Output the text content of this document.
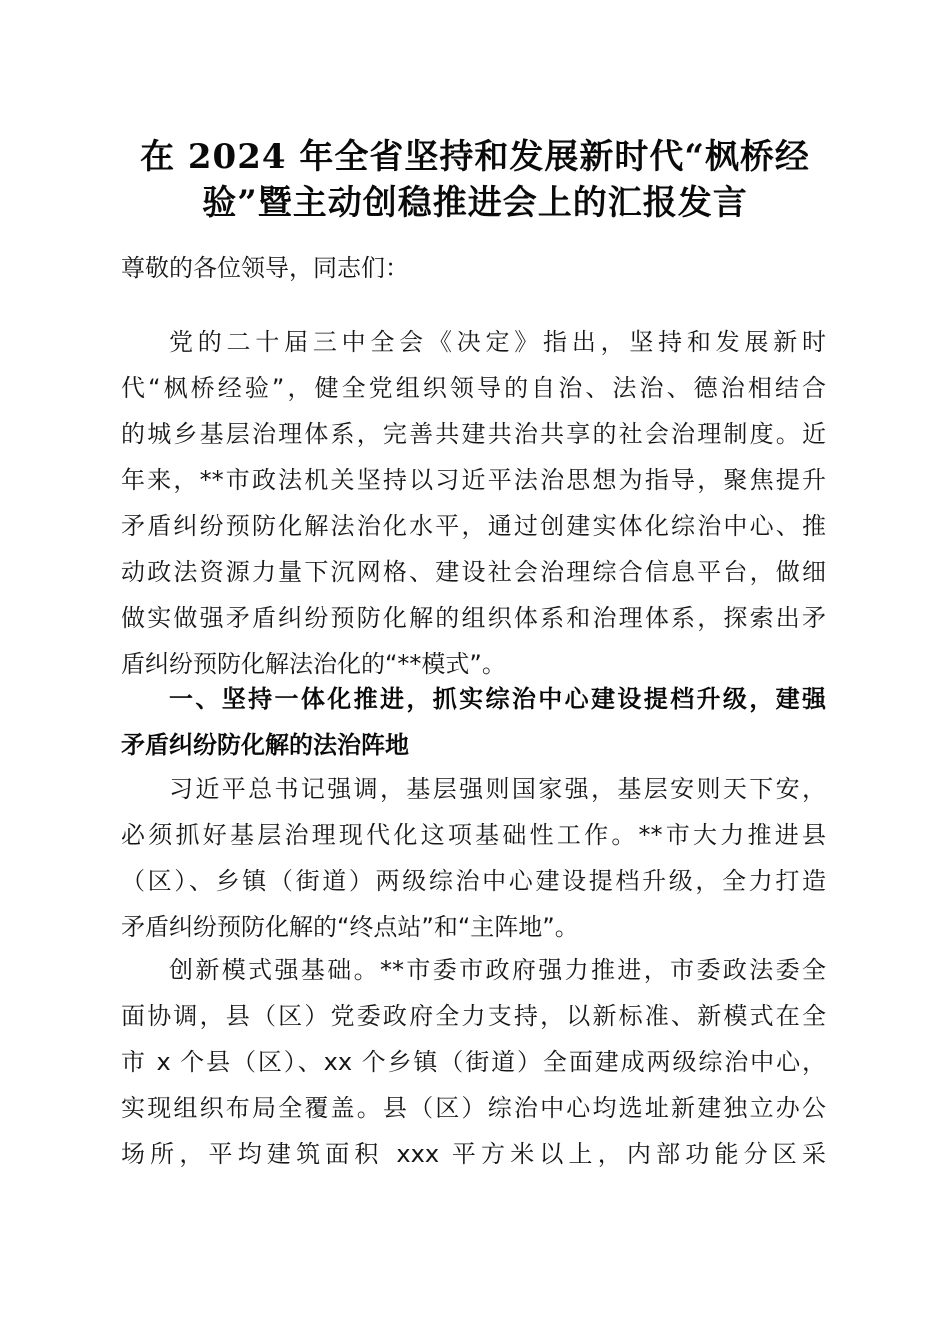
在 2024 年全省坚持和发展新时代“枫桥经
验”暨主动创稳推进会上的汇报发言
尊敬的各位领导，同志们：
党的二十届三中全会《决定》指出，坚持和发展新时
代“枫桥经验”，健全党组织领导的自治、法治、德治相结合
的城乡基层治理体系，完善共建共治共享的社会治理制度。近
年来，**市政法机关坚持以习近平法治思想为指导，聚焦提升
矛盾纠纷预防化解法治化水平，通过创建实体化综治中心、推
动政法资源力量下沉网格、建设社会治理综合信息平台，做细
做实做强矛盾纠纷预防化解的组织体系和治理体系，探索出矛
盾纠纷预防化解法治化的“**模式”。
一、坚持一体化推进，抓实综治中心建设提档升级，建强
矛盾纠纷防化解的法治阵地
习近平总书记强调，基层强则国家强，基层安则天下安，
必须抓好基层治理现代化这项基础性工作。**市大力推进县
（区）、乡镇（街道）两级综治中心建设提档升级，全力打造
矛盾纠纷预防化解的“终点站”和“主阵地”。
创新模式强基础。**市委市政府强力推进，市委政法委全
面协调，县（区）党委政府全力支持，以新标准、新模式在全
市 x 个县（区）、xx 个乡镇（街道）全面建成两级综治中心，
实现组织布局全覆盖。县（区）综治中心均选址新建独立办公
场所，平均建筑面积 xxx 平方米以上，内部功能分区采
